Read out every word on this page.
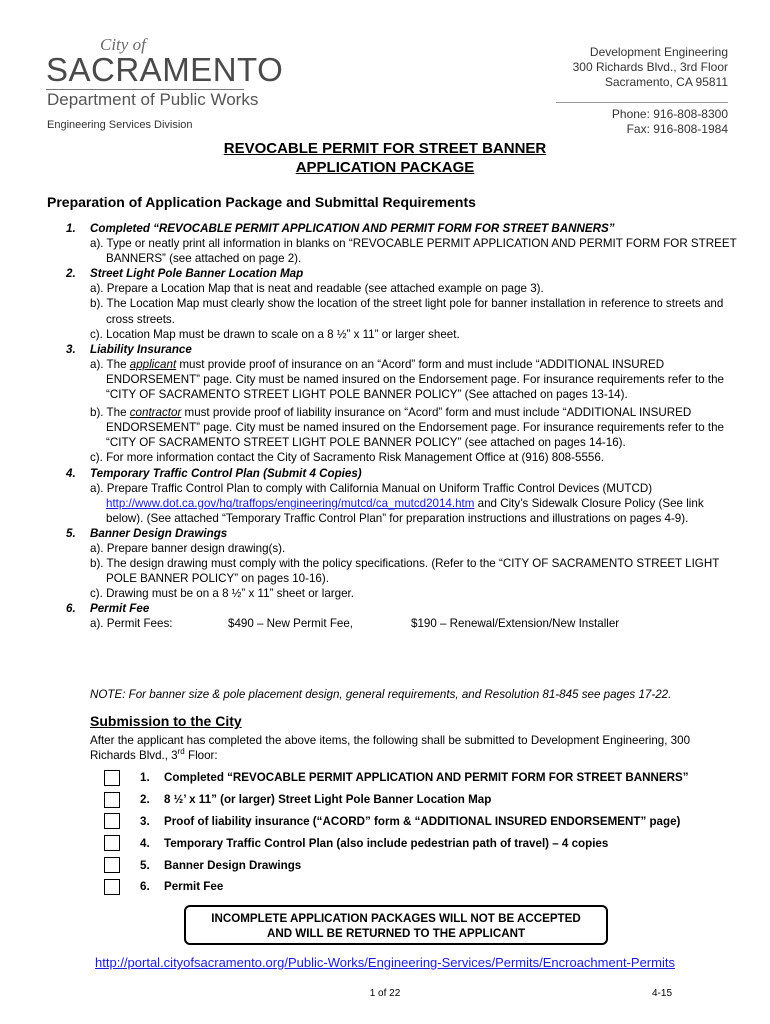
City of
SACRAMENTO
Department of Public Works
Engineering Services Division
Development Engineering
300 Richards Blvd., 3rd Floor
Sacramento, CA 95811
Phone: 916-808-8300
Fax: 916-808-1984
REVOCABLE PERMIT FOR STREET BANNER
APPLICATION PACKAGE
Preparation of Application Package and Submittal Requirements
1.	Completed “REVOCABLE PERMIT APPLICATION AND PERMIT FORM FOR STREET BANNERS”
a). Type or neatly print all information in blanks on “REVOCABLE PERMIT APPLICATION AND PERMIT FORM FOR STREET BANNERS” (see attached on page 2).
2.	Street Light Pole Banner Location Map
a). Prepare a Location Map that is neat and readable (see attached example on page 3).
b). The Location Map must clearly show the location of the street light pole for banner installation in reference to streets and cross streets.
c). Location Map must be drawn to scale on a 8 ½” x 11” or larger sheet.
3.	Liability Insurance
a). The applicant must provide proof of insurance on an “Acord” form and must include “ADDITIONAL INSURED ENDORSEMENT” page. City must be named insured on the Endorsement page. For insurance requirements refer to the “CITY OF SACRAMENTO STREET LIGHT POLE BANNER POLICY” (See attached on pages 13-14).
b). The contractor must provide proof of liability insurance on “Acord” form and must include “ADDITIONAL INSURED ENDORSEMENT” page. City must be named insured on the Endorsement page. For insurance requirements refer to the “CITY OF SACRAMENTO STREET LIGHT POLE BANNER POLICY” (see attached on pages 14-16).
c). For more information contact the City of Sacramento Risk Management Office at (916) 808-5556.
4.	Temporary Traffic Control Plan (Submit 4 Copies)
a). Prepare Traffic Control Plan to comply with California Manual on Uniform Traffic Control Devices (MUTCD) http://www.dot.ca.gov/hq/traffops/engineering/mutcd/ca_mutcd2014.htm and City’s Sidewalk Closure Policy (See link below). (See attached “Temporary Traffic Control Plan” for preparation instructions and illustrations on pages 4-9).
5.	Banner Design Drawings
a). Prepare banner design drawing(s).
b). The design drawing must comply with the policy specifications. (Refer to the “CITY OF SACRAMENTO STREET LIGHT POLE BANNER POLICY” on pages 10-16).
c). Drawing must be on a 8 ½” x 11” sheet or larger.
6.	Permit Fee
a). Permit Fees:	$490 – New Permit Fee,	$190 – Renewal/Extension/New Installer
NOTE: For banner size & pole placement design, general requirements, and Resolution 81-845 see pages 17-22.
Submission to the City
After the applicant has completed the above items, the following shall be submitted to Development Engineering, 300 Richards Blvd., 3rd Floor:
1.	Completed “REVOCABLE PERMIT APPLICATION AND PERMIT FORM FOR STREET BANNERS”
2.	8 ½’ x 11” (or larger) Street Light Pole Banner Location Map
3.	Proof of liability insurance (“ACORD” form & “ADDITIONAL INSURED ENDORSEMENT” page)
4.	Temporary Traffic Control Plan (also include pedestrian path of travel) – 4 copies
5.	Banner Design Drawings
6.	Permit Fee
INCOMPLETE APPLICATION PACKAGES WILL NOT BE ACCEPTED
AND WILL BE RETURNED TO THE APPLICANT
http://portal.cityofsacramento.org/Public-Works/Engineering-Services/Permits/Encroachment-Permits
1 of 22	4-15
